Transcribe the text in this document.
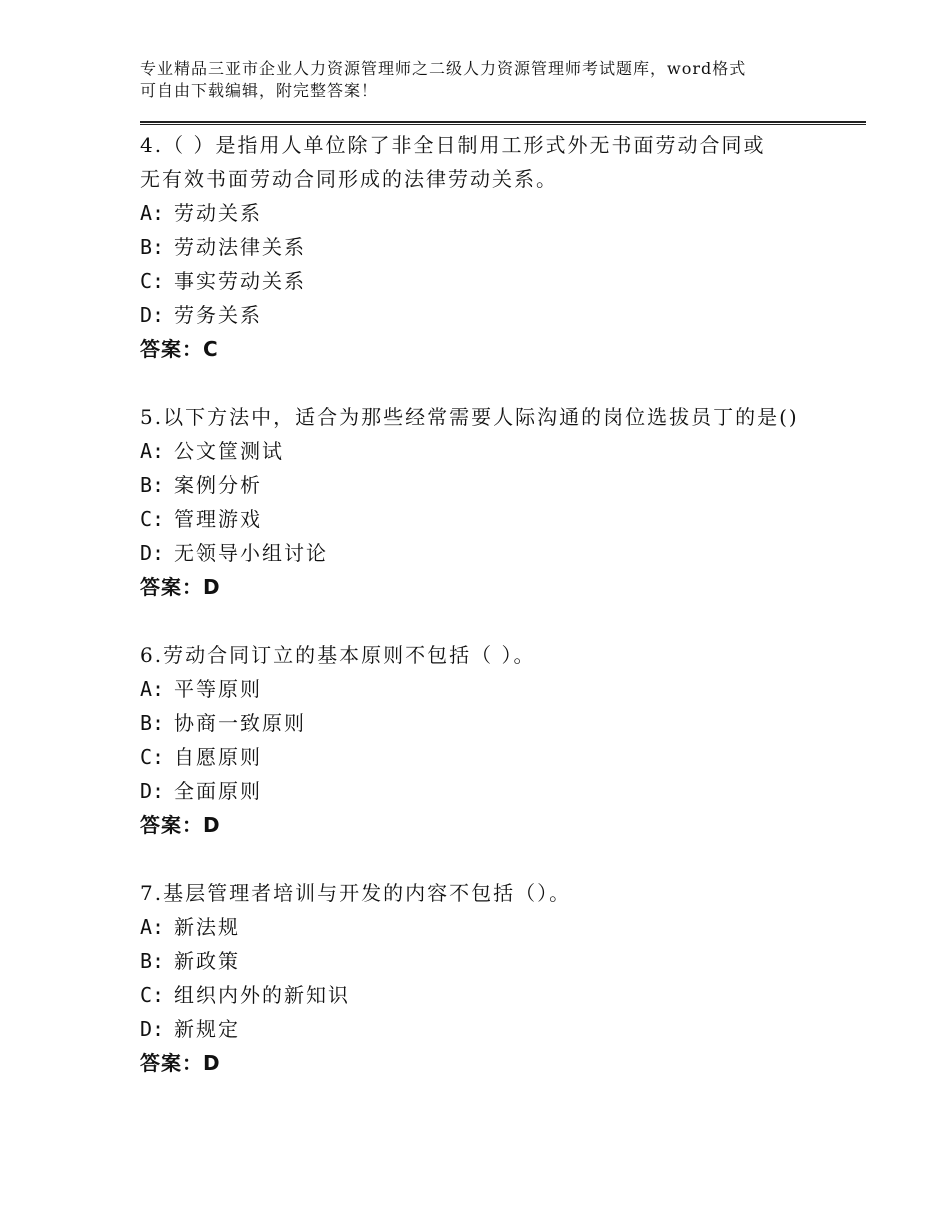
专业精品三亚市企业人力资源管理师之二级人力资源管理师考试题库，word格式
可自由下载编辑，附完整答案！
4.（ ）是指用人单位除了非全日制用工形式外无书面劳动合同或
无有效书面劳动合同形成的法律劳动关系。
A: 劳动关系
B: 劳动法律关系
C: 事实劳动关系
D: 劳务关系
答案：C
5.以下方法中，适合为那些经常需要人际沟通的岗位选拔员丁的是()
A: 公文筐测试
B: 案例分析
C: 管理游戏
D: 无领导小组讨论
答案：D
6.劳动合同订立的基本原则不包括（ ）。
A: 平等原则
B: 协商一致原则
C: 自愿原则
D: 全面原则
答案：D
7.基层管理者培训与开发的内容不包括（）。
A: 新法规
B: 新政策
C: 组织内外的新知识
D: 新规定
答案：D
